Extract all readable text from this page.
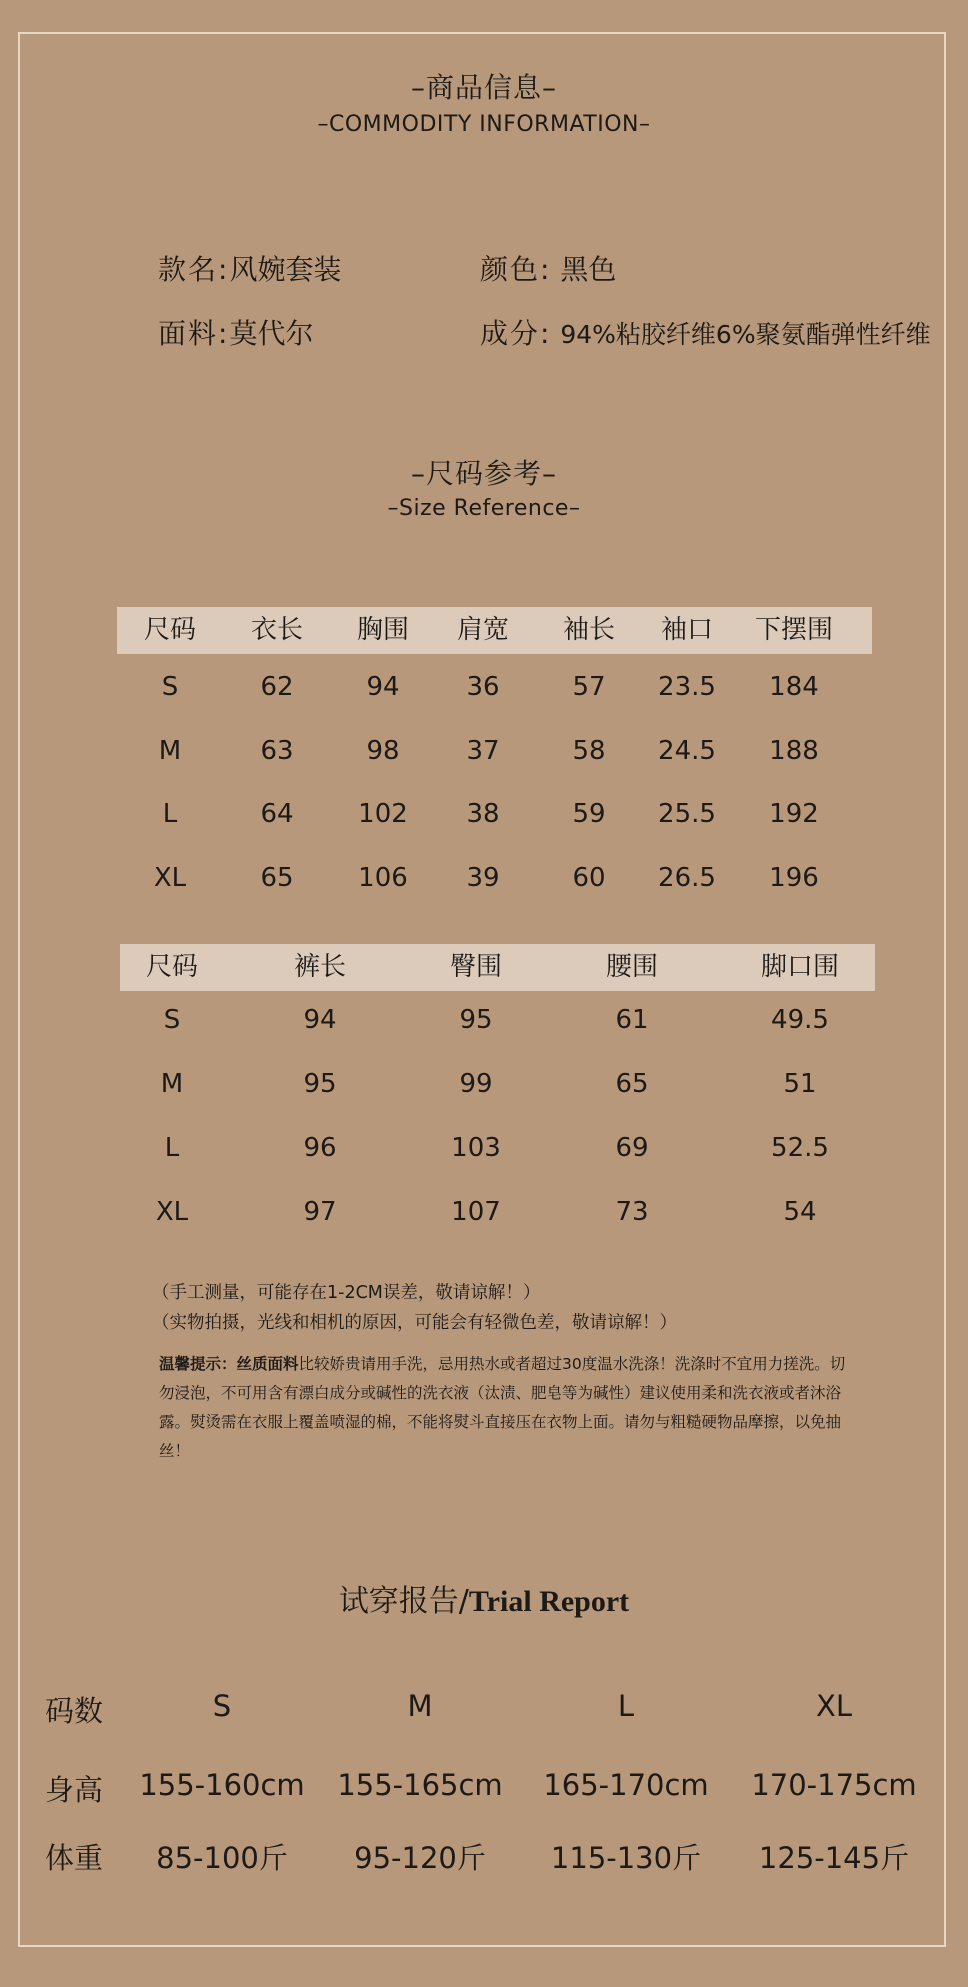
–商品信息–
–COMMODITY INFORMATION–
款名:风婉套装	颜色: 黑色
面料:莫代尔	成分: 94%粘胶纤维6%聚氨酯弹性纤维
–尺码参考–
–Size Reference–
尺码 衣长 胸围 肩宽 袖长 袖口 下摆围
S	62	94	36	57 23.5 184
M	63	98	37	58 24.5 188
L	64 102 38	59 25.5 192
XL	65 106 39	60 26.5 196
尺码	裤长	臀围	腰围	脚口围
S	94	95	61	49.5
M	95	99	65	51
L	96	103	69	52.5
XL	97	107	73	54
（手工测量，可能存在1-2CM误差，敬请谅解！）
（实物拍摄，光线和相机的原因，可能会有轻微色差，敬请谅解！）
温馨提示：丝质面料比较娇贵请用手洗，忌用热水或者超过30度温水洗涤！洗涤时不宜用力搓洗。切勿浸泡，不可用含有漂白成分或碱性的洗衣液（汰渍、肥皂等为碱性）建议使用柔和洗衣液或者沐浴露。熨烫需在衣服上覆盖喷湿的棉，不能将熨斗直接压在衣物上面。请勿与粗糙硬物品摩擦，以免抽丝！
试穿报告/Trial Report
码数	S	M	L	XL
身高 155-160cm 155-165cm 165-170cm 170-175cm
体重 85-100斤 95-120斤 115-130斤 125-145斤
